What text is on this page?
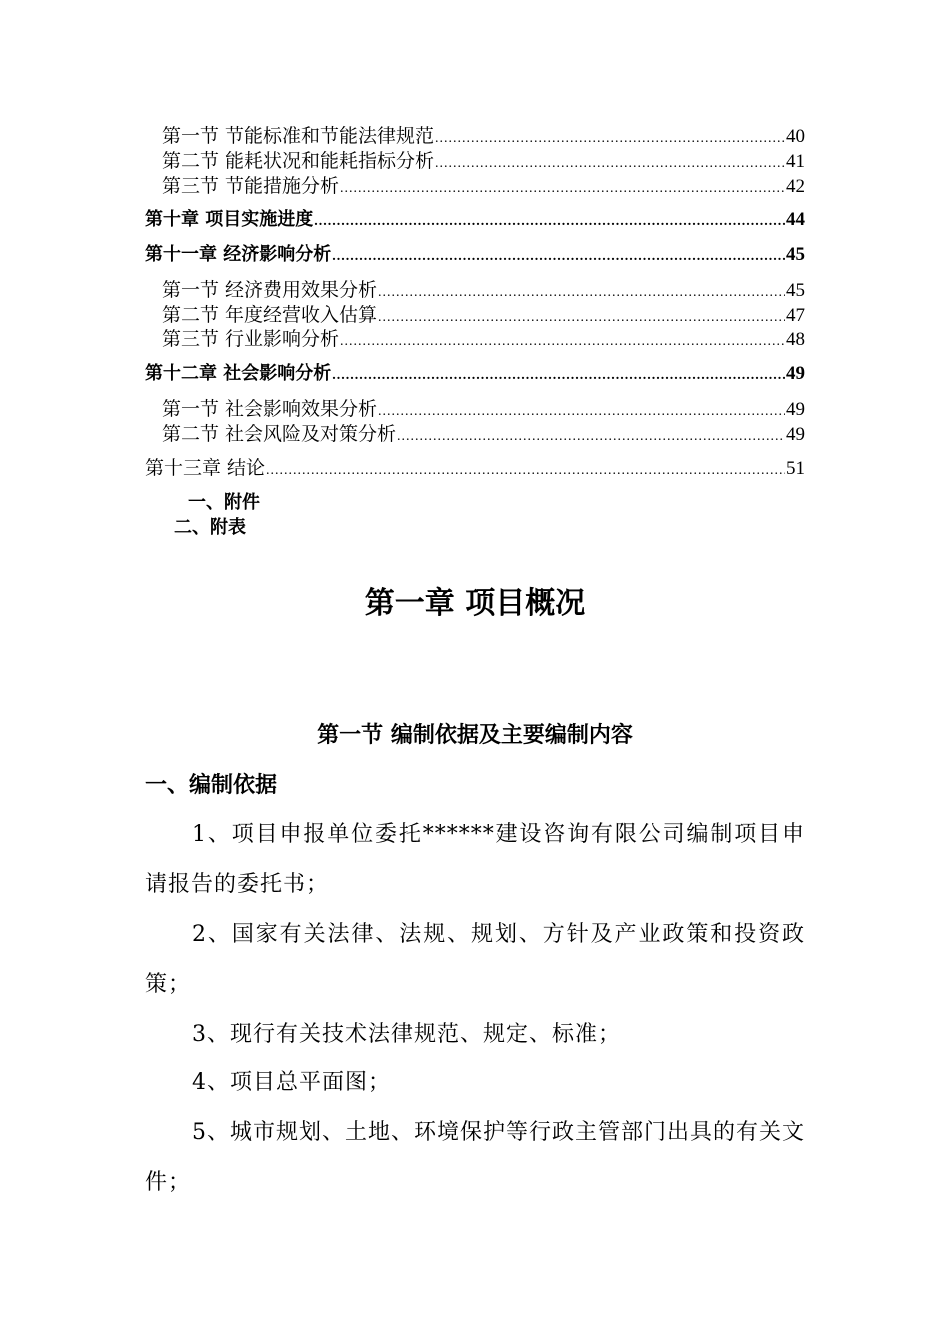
第一节 节能标准和节能法律规范 .....	40
第二节 能耗状况和能耗指标分析 .....	41
第三节 节能措施分析 .....	42
第十章 项目实施进度 .....	44
第十一章 经济影响分析 .....	45
第一节 经济费用效果分析 .....	45
第二节 年度经营收入估算 .....	47
第三节 行业影响分析 .....	48
第十二章 社会影响分析 .....	49
第一节 社会影响效果分析 .....	49
第二节 社会风险及对策分析 .....	49
第十三章 结论 .....	51
一、附件
二、附表
第一章 项目概况
第一节 编制依据及主要编制内容
一、编制依据
1、项目申报单位委托******建设咨询有限公司编制项目申请报告的委托书；
2、国家有关法律、法规、规划、方针及产业政策和投资政策；
3、现行有关技术法律规范、规定、标准；
4、项目总平面图；
5、城市规划、土地、环境保护等行政主管部门出具的有关文件；
